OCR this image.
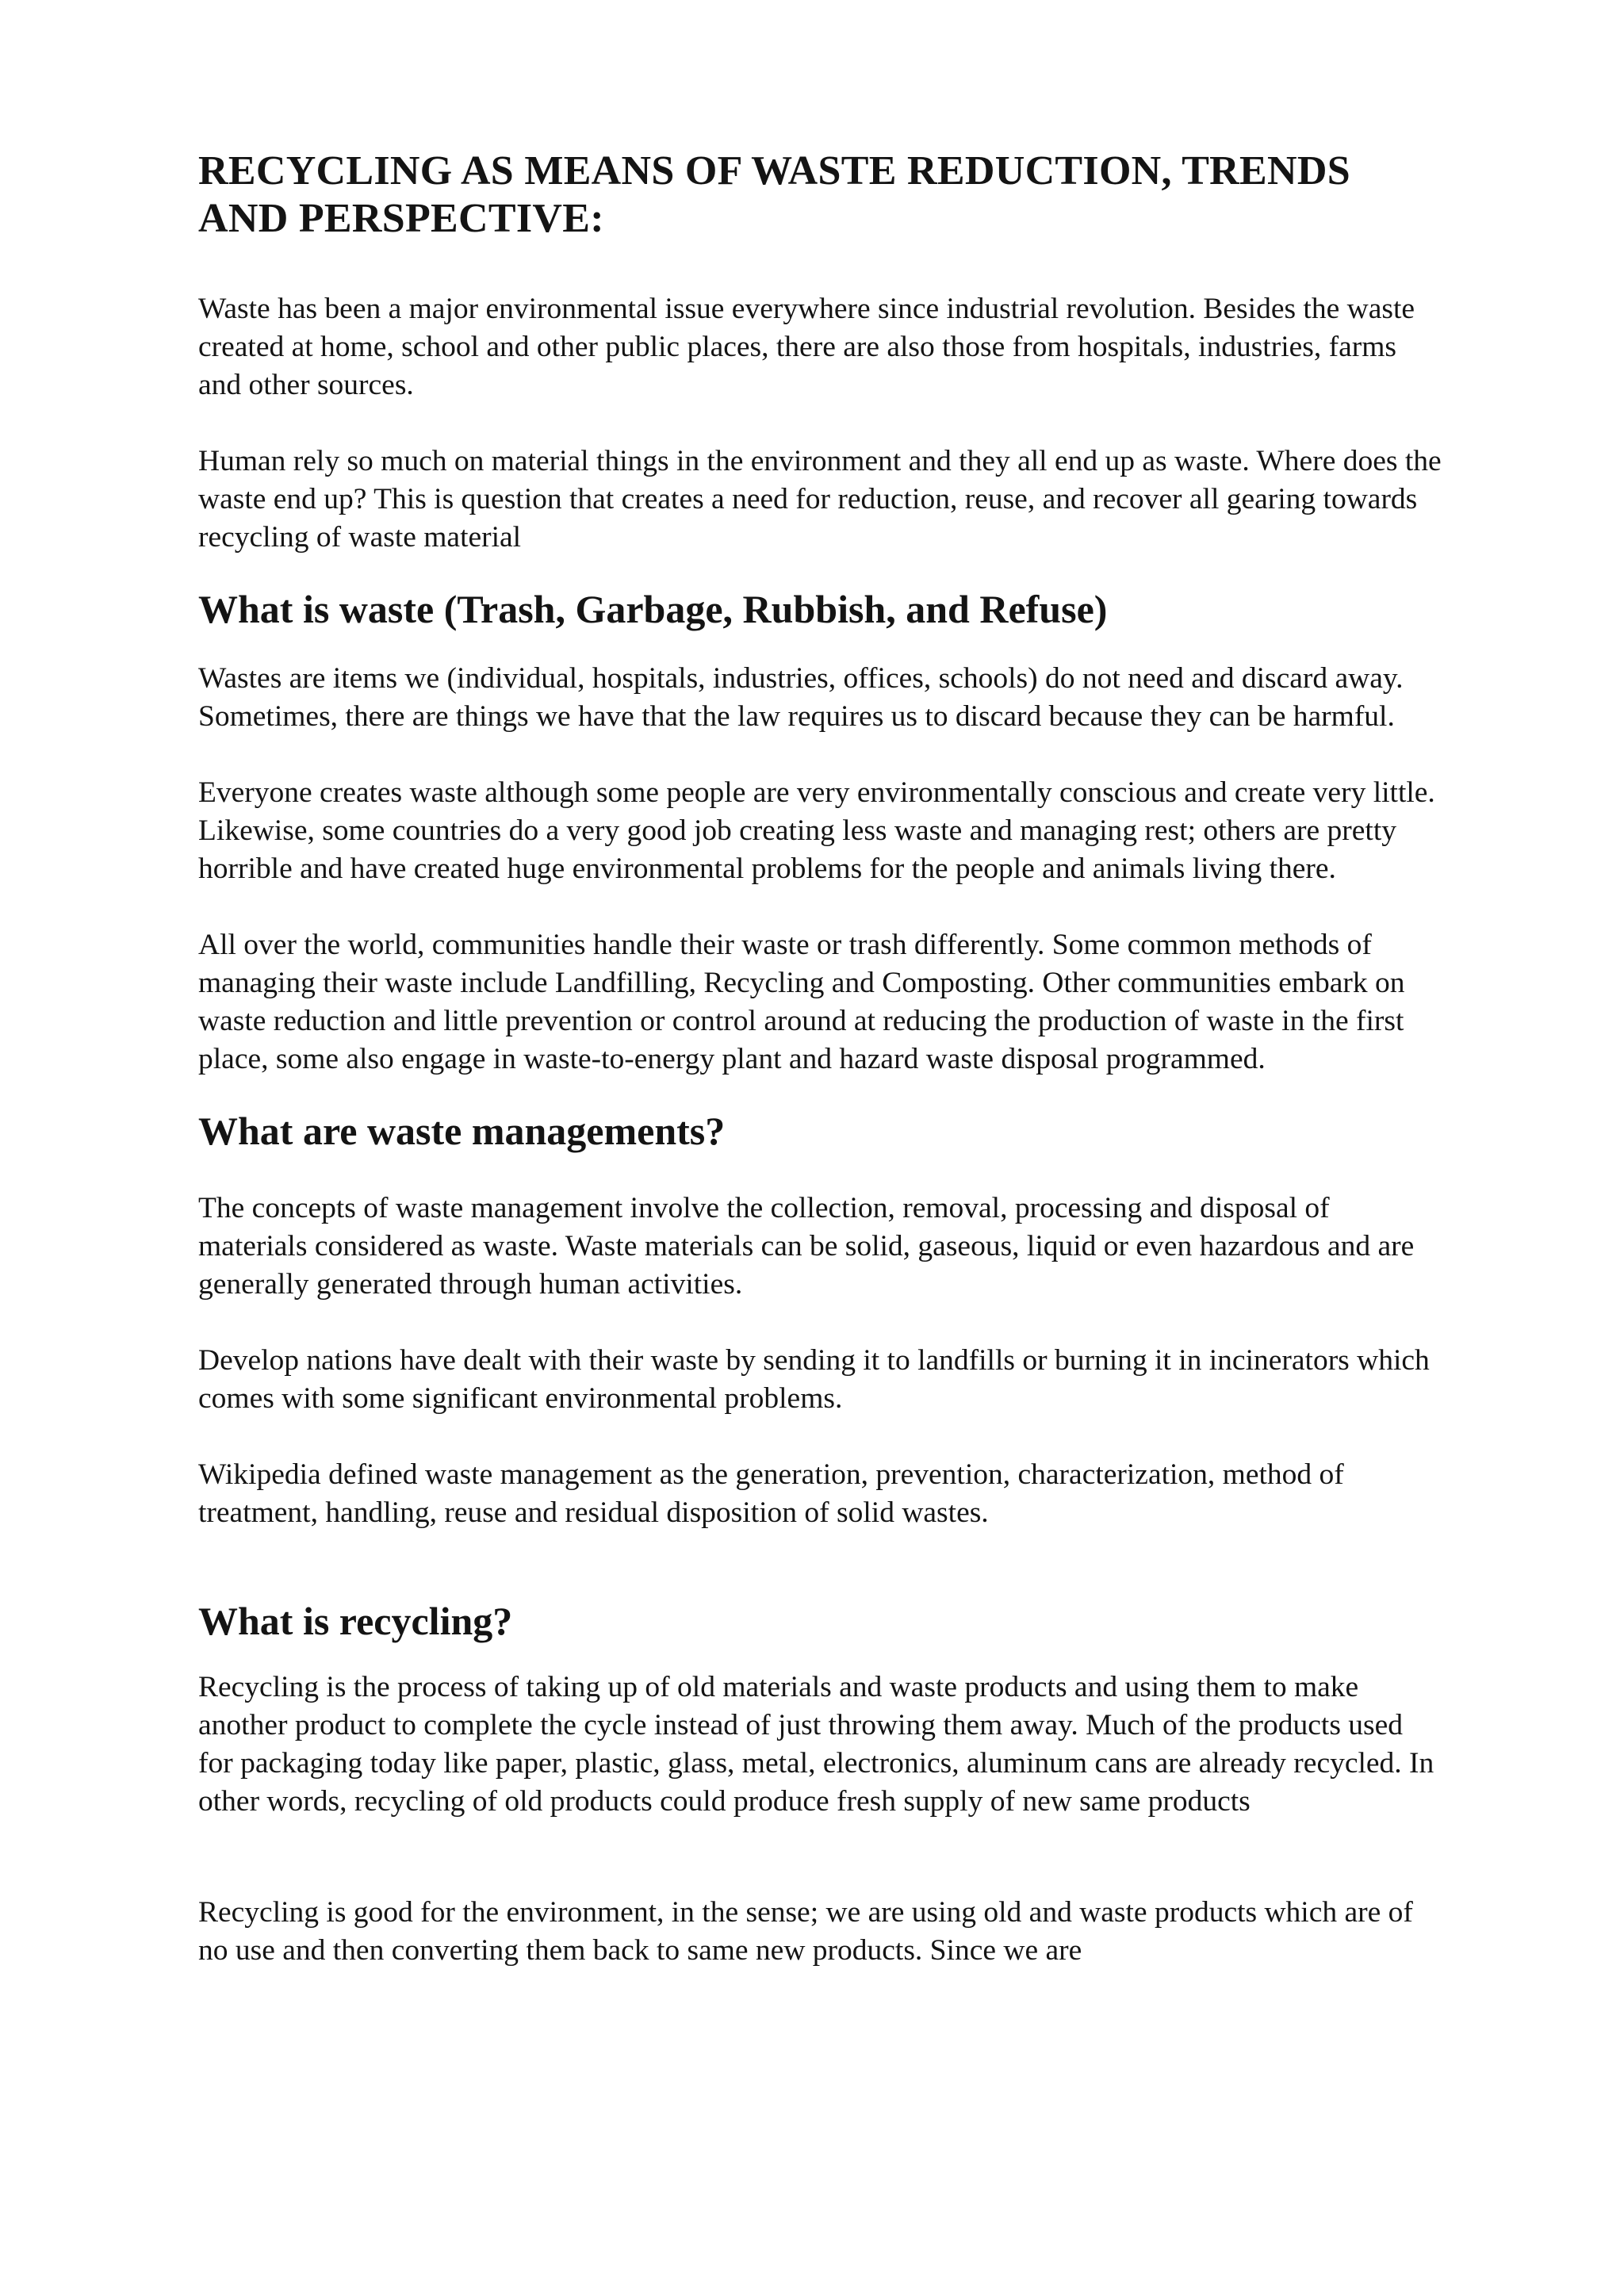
RECYCLING AS MEANS OF WASTE REDUCTION, TRENDS AND PERSPECTIVE:

Waste has been a major environmental issue everywhere since industrial revolution. Besides the waste created at home, school and other public places, there are also those from hospitals, industries, farms and other sources.

Human rely so much on material things in the environment and they all end up as waste. Where does the waste end up? This is question that creates a need for reduction, reuse, and recover all gearing towards recycling of waste material

What is waste (Trash, Garbage, Rubbish, and Refuse)

Wastes are items we (individual, hospitals, industries, offices, schools) do not need and discard away. Sometimes, there are things we have that the law requires us to discard because they can be harmful.

Everyone creates waste although some people are very environmentally conscious and create very little. Likewise, some countries do a very good job creating less waste and managing rest; others are pretty horrible and have created huge environmental problems for the people and animals living there.

All over the world, communities handle their waste or trash differently. Some common methods of managing their waste include Landfilling, Recycling and Composting. Other communities embark on waste reduction and little prevention or control around at reducing the production of waste in the first place, some also engage in waste-to-energy plant and hazard waste disposal programmed.

What are waste managements?

The concepts of waste management involve the collection, removal, processing and disposal of materials considered as waste. Waste materials can be solid, gaseous, liquid or even hazardous and are generally generated through human activities.

Develop nations have dealt with their waste by sending it to landfills or burning it in incinerators which comes with some significant environmental problems.

Wikipedia defined waste management as the generation, prevention, characterization, method of treatment, handling, reuse and residual disposition of solid wastes.

What is recycling?

Recycling is the process of taking up of old materials and waste products and using them to make another product to complete the cycle instead of just throwing them away. Much of the products used for packaging today like paper, plastic, glass, metal, electronics, aluminum cans are already recycled. In other words, recycling of old products could produce fresh supply of new same products

Recycling is good for the environment, in the sense; we are using old and waste products which are of no use and then converting them back to same new products. Since we are
